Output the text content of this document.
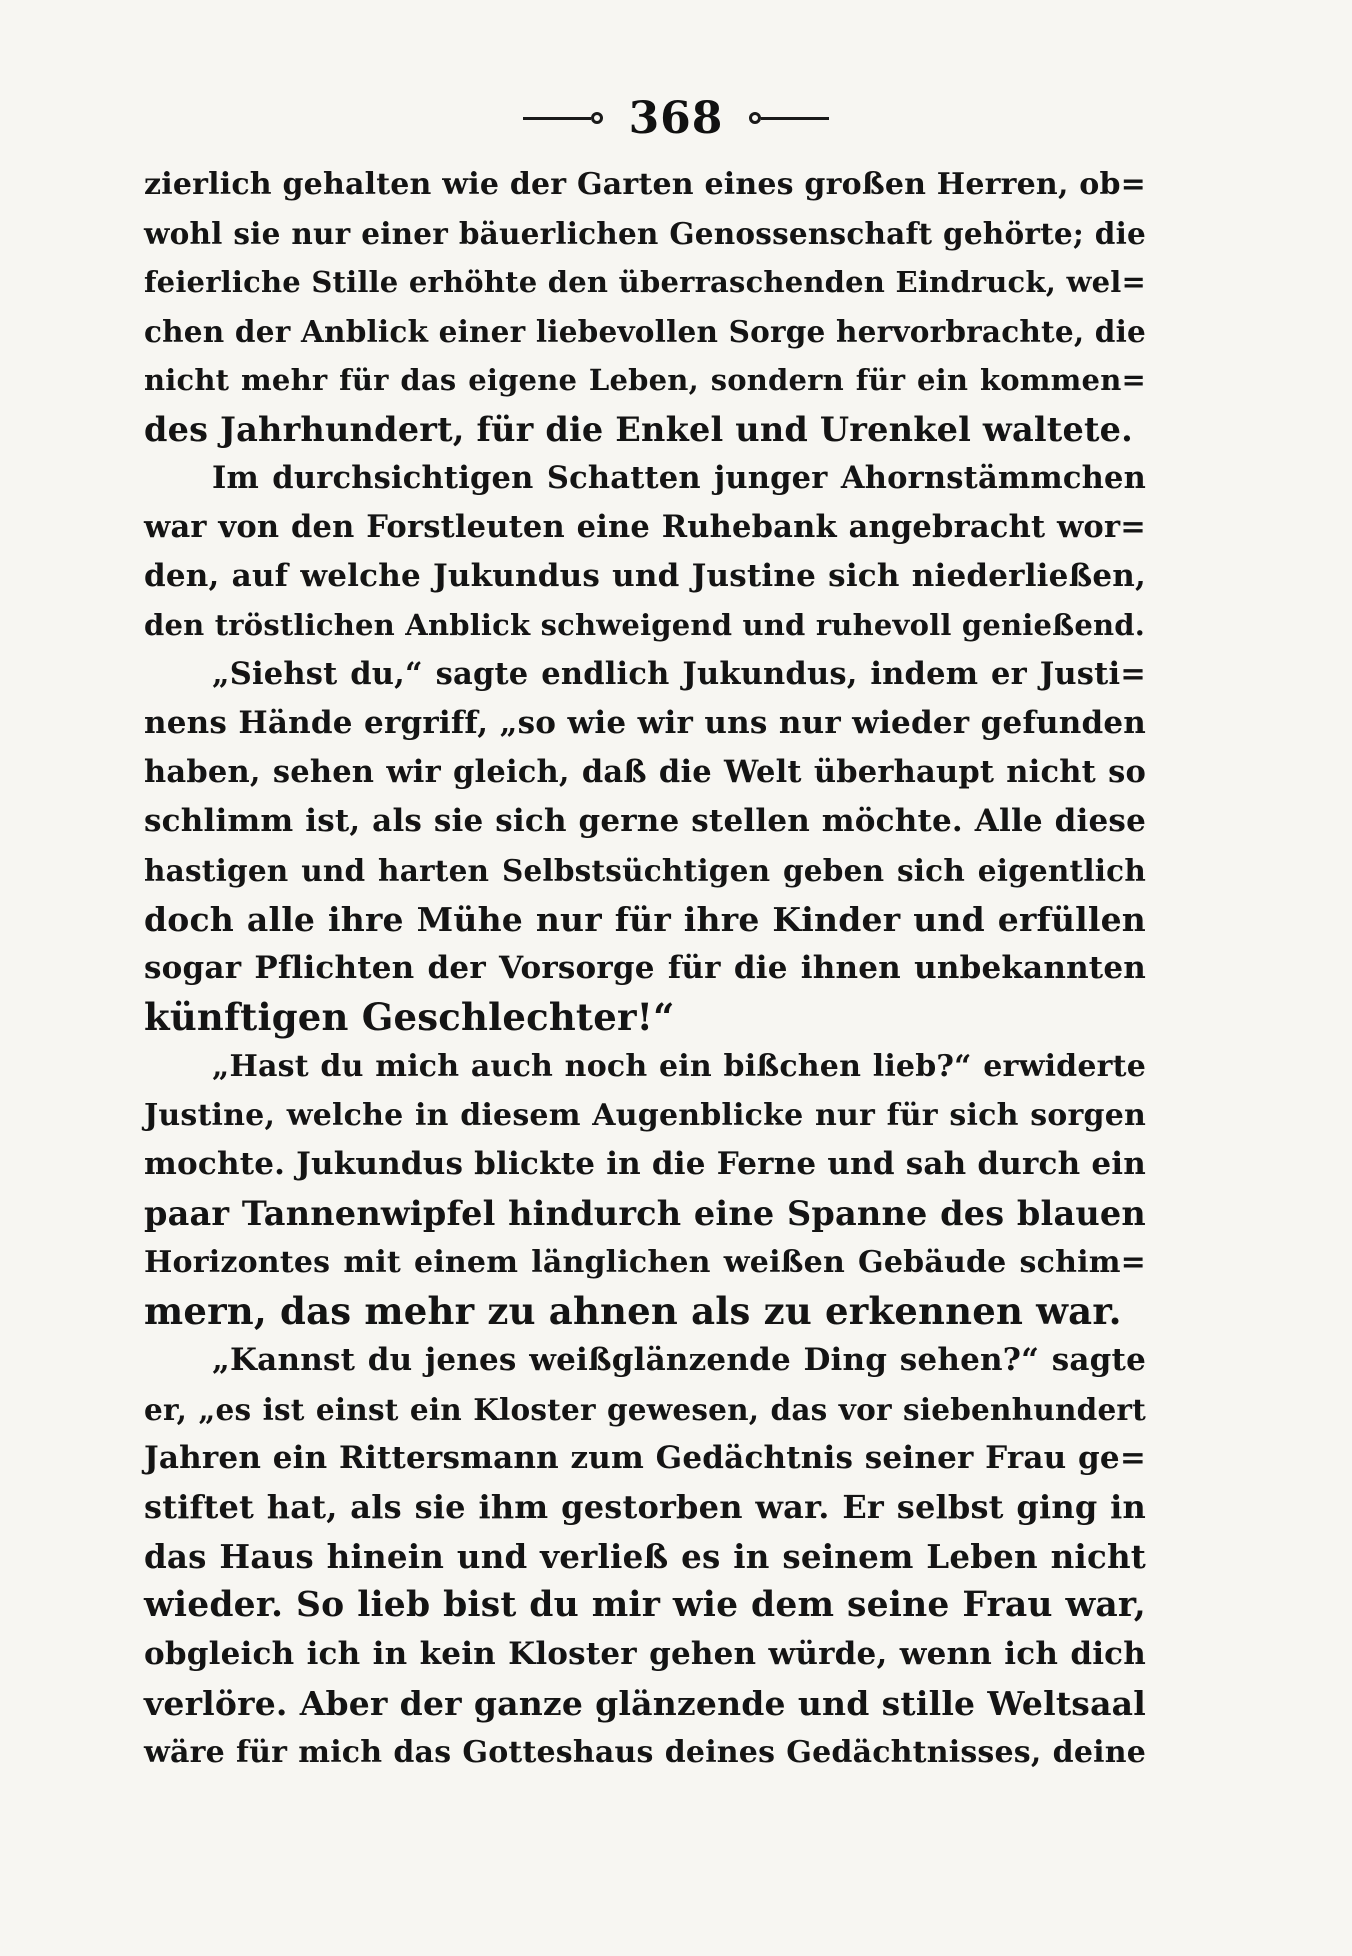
368
zierlich gehalten wie der Garten eines großen Herren, ob=
wohl sie nur einer bäuerlichen Genossenschaft gehörte; die
feierliche Stille erhöhte den überraschenden Eindruck, wel=
chen der Anblick einer liebevollen Sorge hervorbrachte, die
nicht mehr für das eigene Leben, sondern für ein kommen=
des Jahrhundert, für die Enkel und Urenkel waltete.
Im durchsichtigen Schatten junger Ahornstämmchen
war von den Forstleuten eine Ruhebank angebracht wor=
den, auf welche Jukundus und Justine sich niederließen,
den tröstlichen Anblick schweigend und ruhevoll genießend.
„Siehst du,“ sagte endlich Jukundus, indem er Justi=
nens Hände ergriff, „so wie wir uns nur wieder gefunden
haben, sehen wir gleich, daß die Welt überhaupt nicht so
schlimm ist, als sie sich gerne stellen möchte. Alle diese
hastigen und harten Selbstsüchtigen geben sich eigentlich
doch alle ihre Mühe nur für ihre Kinder und erfüllen
sogar Pflichten der Vorsorge für die ihnen unbekannten
künftigen Geschlechter!“
„Hast du mich auch noch ein bißchen lieb?“ erwiderte
Justine, welche in diesem Augenblicke nur für sich sorgen
mochte. Jukundus blickte in die Ferne und sah durch ein
paar Tannenwipfel hindurch eine Spanne des blauen
Horizontes mit einem länglichen weißen Gebäude schim=
mern, das mehr zu ahnen als zu erkennen war.
„Kannst du jenes weißglänzende Ding sehen?“ sagte
er, „es ist einst ein Kloster gewesen, das vor siebenhundert
Jahren ein Rittersmann zum Gedächtnis seiner Frau ge=
stiftet hat, als sie ihm gestorben war. Er selbst ging in
das Haus hinein und verließ es in seinem Leben nicht
wieder. So lieb bist du mir wie dem seine Frau war,
obgleich ich in kein Kloster gehen würde, wenn ich dich
verlöre. Aber der ganze glänzende und stille Weltsaal
wäre für mich das Gotteshaus deines Gedächtnisses, deine
